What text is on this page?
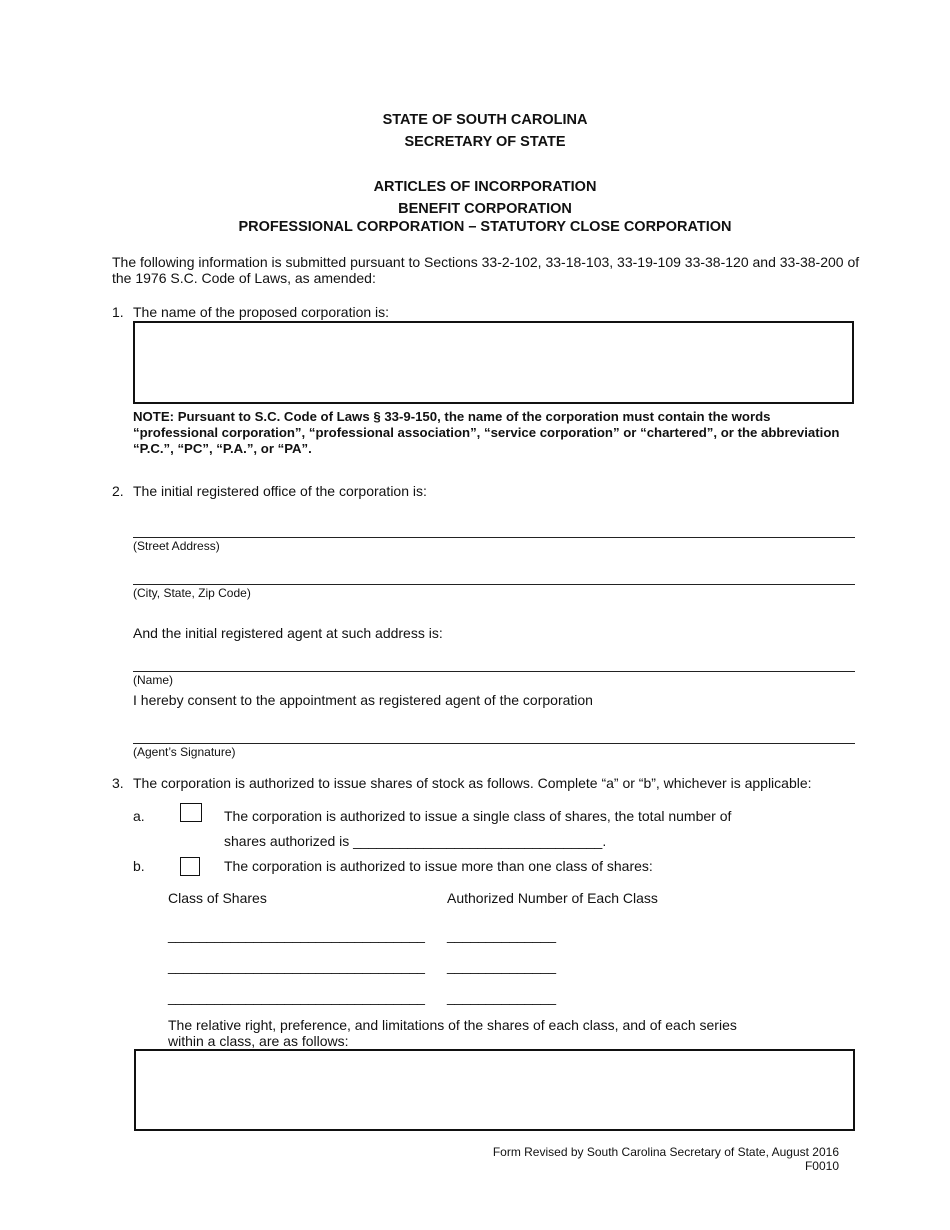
STATE OF SOUTH CAROLINA
SECRETARY OF STATE
ARTICLES OF INCORPORATION
BENEFIT CORPORATION
PROFESSIONAL CORPORATION – STATUTORY CLOSE CORPORATION
The following information is submitted pursuant to Sections 33-2-102, 33-18-103, 33-19-109 33-38-120 and 33-38-200 of the 1976 S.C. Code of Laws, as amended:
1. The name of the proposed corporation is:
NOTE: Pursuant to S.C. Code of Laws § 33-9-150, the name of the corporation must contain the words “professional corporation”, “professional association”, “service corporation” or “chartered”, or the abbreviation “P.C.”, “PC”, “P.A.”, or “PA”.
2. The initial registered office of the corporation is:
(Street Address)
(City, State, Zip Code)
And the initial registered agent at such address is:
(Name)
I hereby consent to the appointment as registered agent of the corporation
(Agent’s Signature)
3. The corporation is authorized to issue shares of stock as follows. Complete “a” or “b”, whichever is applicable:
a.	The corporation is authorized to issue a single class of shares, the total number of
shares authorized is ________________________________.
b.	The corporation is authorized to issue more than one class of shares:
Class of Shares	Authorized Number of Each Class
_________________________________ ______________
_________________________________ ______________
_________________________________ ______________
The relative right, preference, and limitations of the shares of each class, and of each series within a class, are as follows:
Form Revised by South Carolina Secretary of State, August 2016
F0010
